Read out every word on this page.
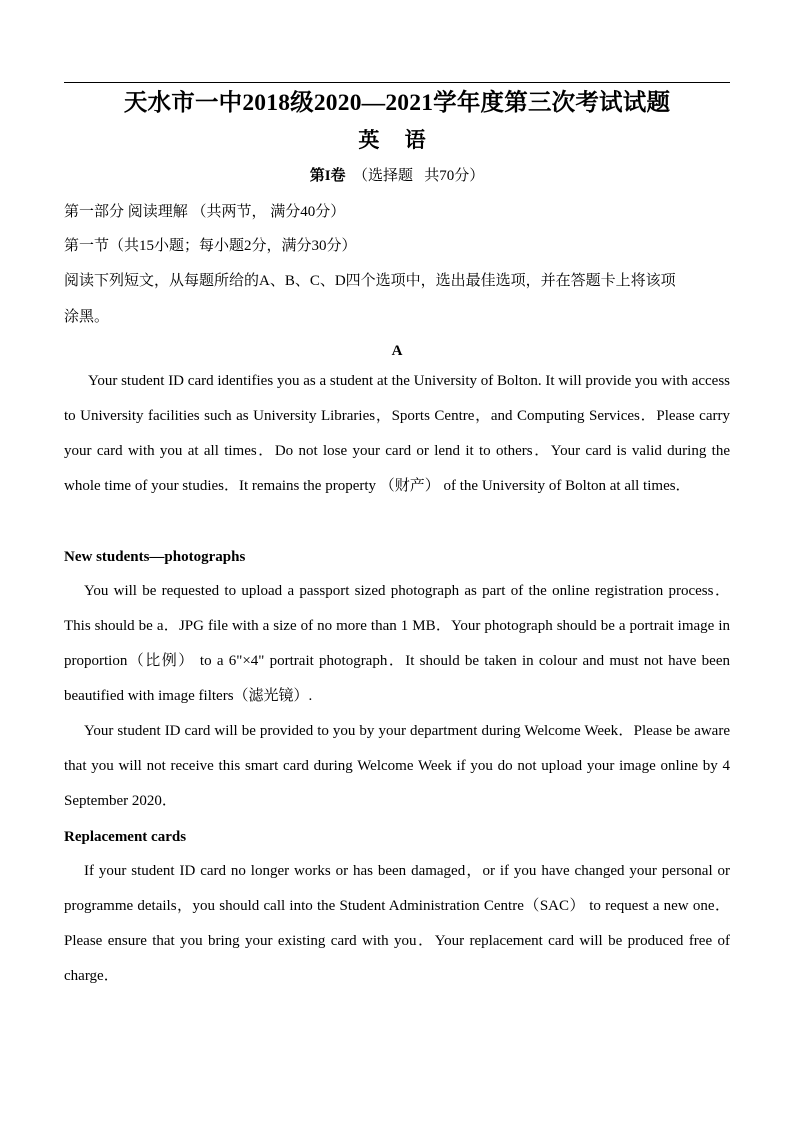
天水市一中2018级2020—2021学年度第三次考试试题
英 语
第I卷  （选择题   共70分）
第一部分 阅读理解 （共两节， 满分40分）
第一节（共15小题；每小题2分，满分30分）
阅读下列短文，从每题所给的A、B、C、D四个选项中，选出最佳选项，并在答题卡上将该项
涂黑。
A
Your student ID card identifies you as a student at the University of Bolton. It will provide you with access to University facilities such as University Libraries，Sports Centre，and Computing Services．Please carry your card with you at all times．Do not lose your card or lend it to others．Your card is valid during the whole time of your studies．It remains the property （财产） of the University of Bolton at all times．
New students—photographs
You will be requested to upload a passport sized photograph as part of the online registration process．This should be a．JPG file with a size of no more than 1 MB．Your photograph should be a portrait image in proportion（比例） to a 6"×4" portrait photograph．It should be taken in colour and must not have been beautified with image filters（滤光镜）.
Your student ID card will be provided to you by your department during Welcome Week．Please be aware that you will not receive this smart card during Welcome Week if you do not upload your image online by 4 September 2020．
Replacement cards
If your student ID card no longer works or has been damaged，or if you have changed your personal or programme details，you should call into the Student Administration Centre（SAC） to request a new one．Please ensure that you bring your existing card with you．Your replacement card will be produced free of charge．
